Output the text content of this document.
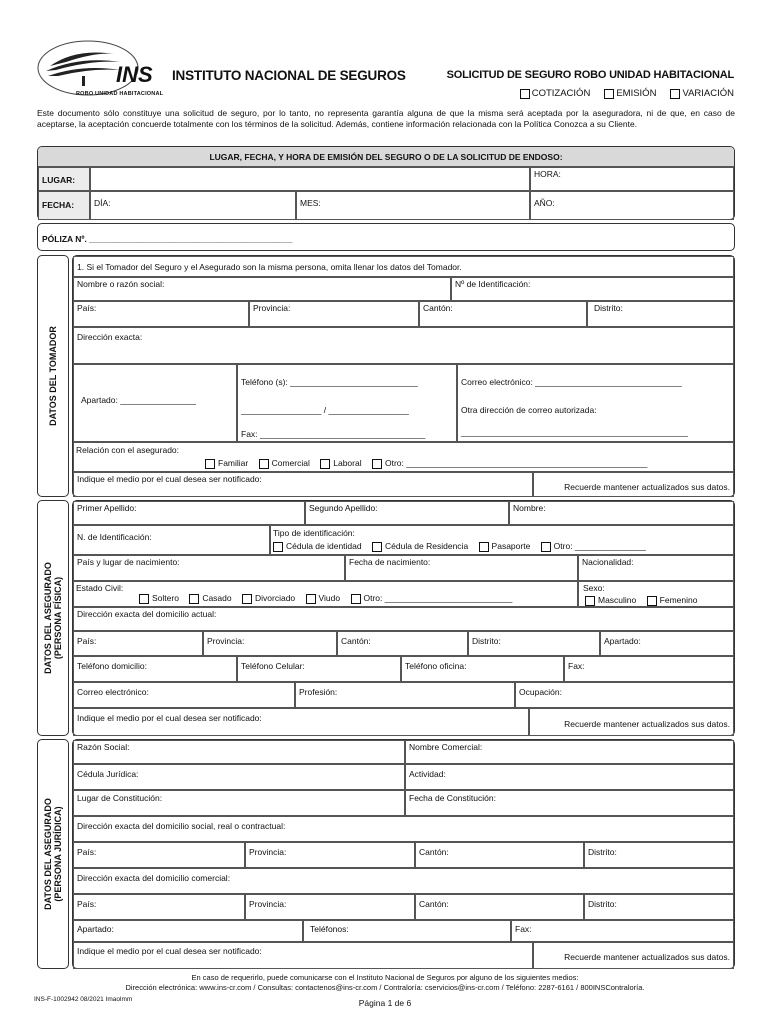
INS
ROBO UNIDAD HABITACIONAL
INSTITUTO NACIONAL DE SEGUROS	SOLICITUD DE SEGURO ROBO UNIDAD HABITACIONAL
COTIZACIÓN	EMISIÓN	VARIACIÓN
Este documento sólo constituye una solicitud de seguro, por lo tanto, no representa garantía alguna de que la misma será aceptada por la aseguradora, ni de que, en caso de aceptarse, la aceptación concuerde totalmente con los términos de la solicitud. Además, contiene información relacionada con la Política Conozca a su Cliente.
LUGAR, FECHA, Y HORA DE EMISIÓN DEL SEGURO O DE LA SOLICITUD DE ENDOSO:
LUGAR:
HORA:
FECHA:	DÍA:	MES:	AÑO:
PÓLIZA Nº. ___________________________________________
DATOS DEL TOMADOR
1. Si el Tomador del Seguro y el Asegurado son la misma persona, omita llenar los datos del Tomador.
Nombre o razón social:	Nº de Identificación:
País:	Provincia:	Cantón:	Distrito:
Dirección exacta:
Apartado: ________________
Teléfono (s): ___________________________
_________________ / _________________
Fax: ___________________________________
Correo electrónico: _______________________________
Otra dirección de correo autorizada:
________________________________________________
Relación con el asegurado:
Familiar
	Comercial
	Laboral
	Otro: ___________________________________________________
Indique el medio por el cual desea ser notificado:
Recuerde mantener actualizados sus datos.
DATOS DEL ASEGURADO
(PERSONA FÍSICA)
Primer Apellido:	Segundo Apellido:	Nombre:
N. de Identificación:	Tipo de identificación:
Cédula de identidad
	Cédula de Residencia
	Pasaporte
	Otro: _______________
País y lugar de nacimiento:	Fecha de nacimiento:	Nacionalidad:
Estado Civil:
Soltero
	Casado
	Divorciado
	Viudo
	Otro: ___________________________
Sexo:
Masculino
	Femenino
Dirección exacta del domicilio actual:
País:	Provincia:	Cantón:	Distrito:	Apartado:
Teléfono domicilio:	Teléfono Celular:	Teléfono oficina:	Fax:
Correo electrónico:	Profesión:	Ocupación:
Indique el medio por el cual desea ser notificado:
Recuerde mantener actualizados sus datos.
DATOS DEL ASEGURADO
(PERSONA JURÍDICA)
Razón Social:	Nombre Comercial:
Cédula Jurídica:	Actividad:
Lugar de Constitución:	Fecha de Constitución:
Dirección exacta del domicilio social, real o contractual:
País:	Provincia:	Cantón:	Distrito:
Dirección exacta del domicilio comercial:
País:	Provincia:	Cantón:	Distrito:
Apartado:	Teléfonos:	Fax:
Indique el medio por el cual desea ser notificado:
Recuerde mantener actualizados sus datos.
En caso de requerirlo, puede comunicarse con el Instituto Nacional de Seguros por alguno de los siguientes medios:
Dirección electrónica: www.ins-cr.com / Consultas: contactenos@ins-cr.com / Contraloría: cservicios@ins-cr.com / Teléfono: 2287-6161 / 800INSContraloría.
INS-F-1002942 08/2021 Imaolmm	Página 1 de 6
